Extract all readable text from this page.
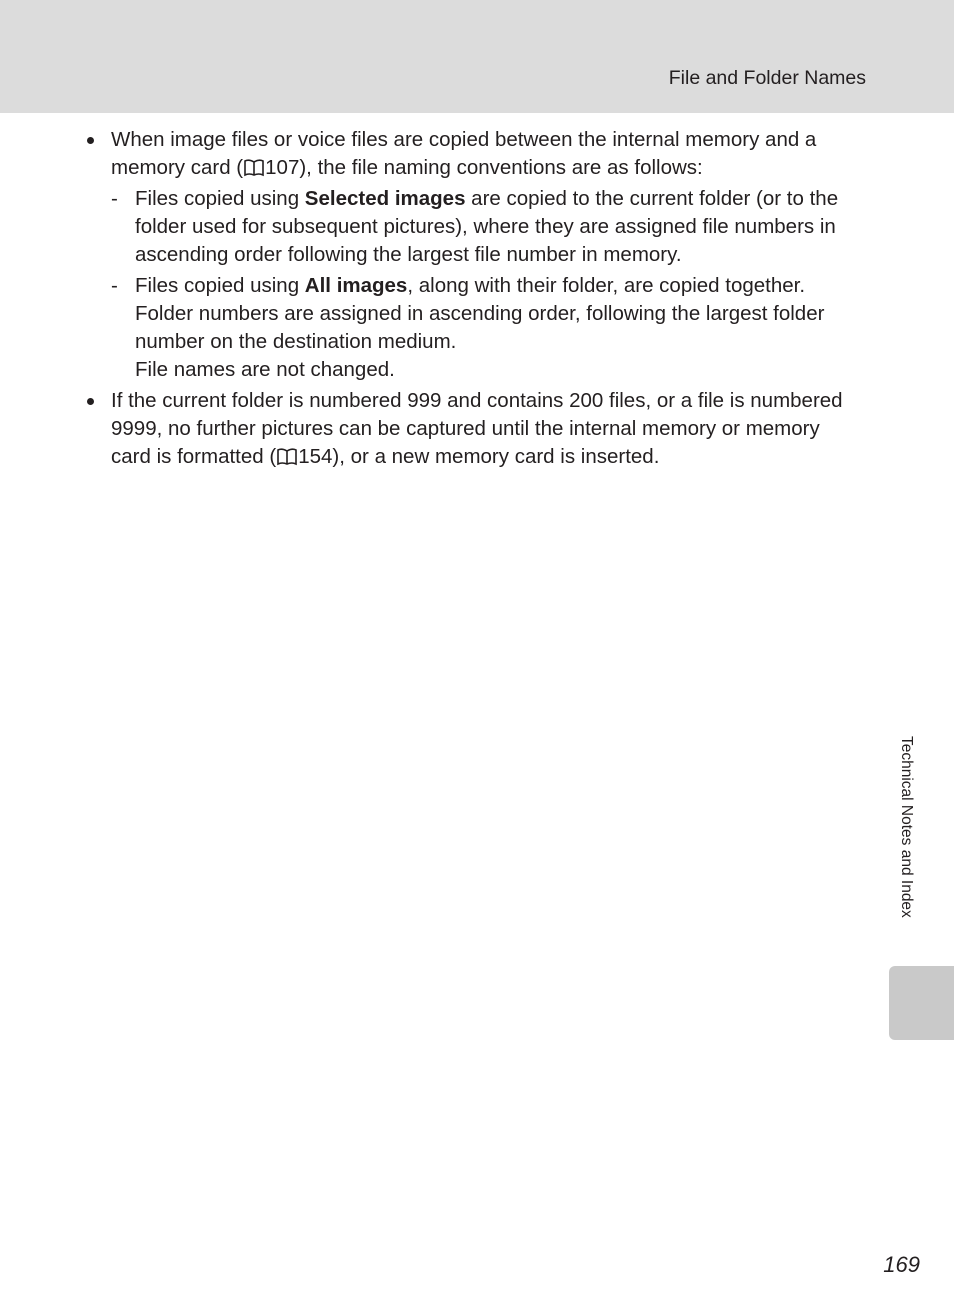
File and Folder Names
When image files or voice files are copied between the internal memory and a
memory card ( 107), the file naming conventions are as follows:
- Files copied using Selected images are copied to the current folder (or to the
folder used for subsequent pictures), where they are assigned file numbers in
ascending order following the largest file number in memory.
- Files copied using All images, along with their folder, are copied together.
Folder numbers are assigned in ascending order, following the largest folder
number on the destination medium.
File names are not changed.
If the current folder is numbered 999 and contains 200 files, or a file is numbered
9999, no further pictures can be captured until the internal memory or memory
card is formatted ( 154), or a new memory card is inserted.
Technical Notes and Index
169
